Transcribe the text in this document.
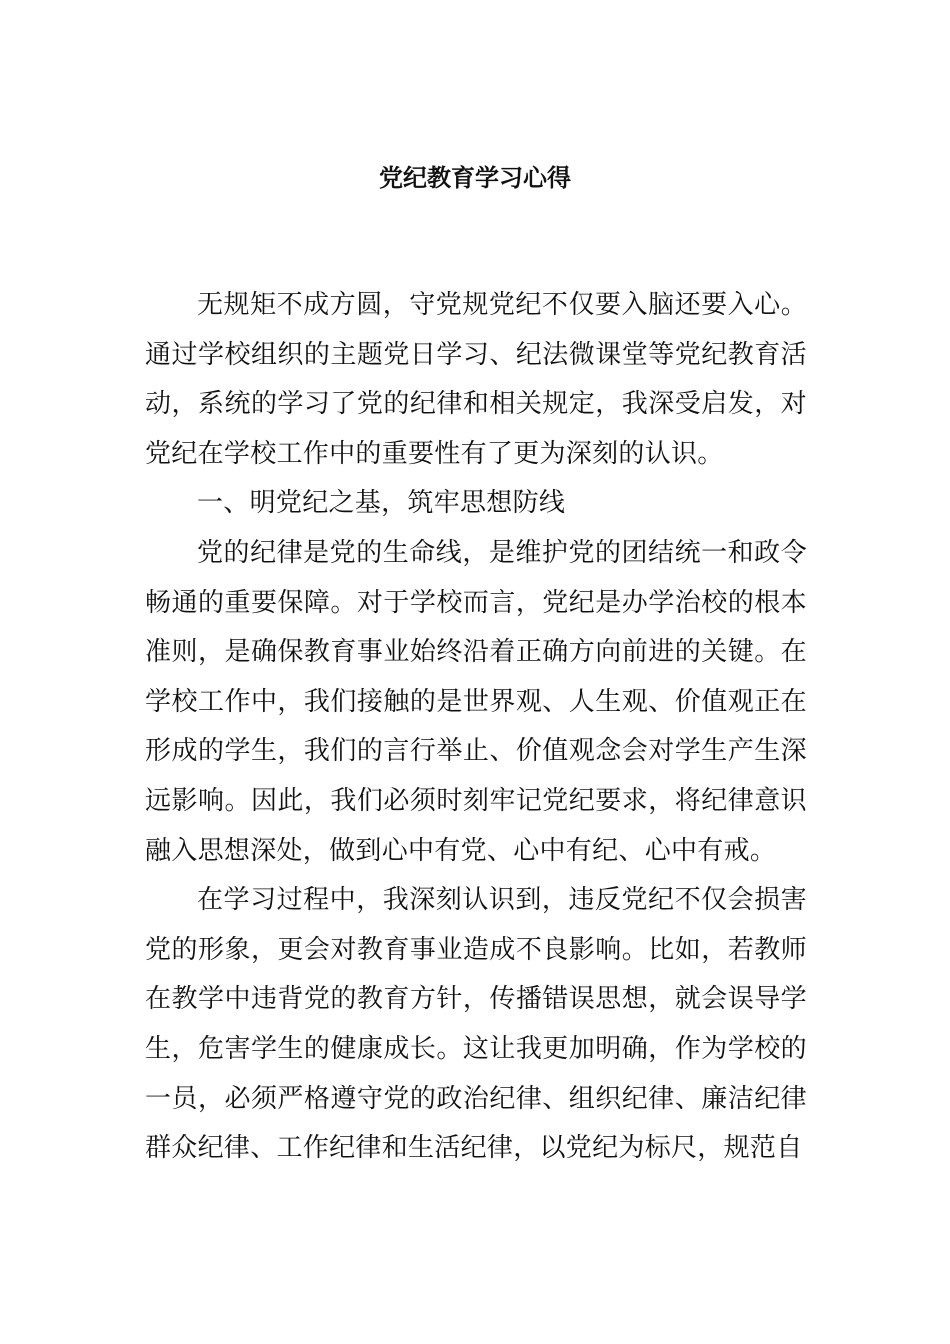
党纪教育学习心得

无规矩不成方圆，守党规党纪不仅要入脑还要入心。通过学校组织的主题党日学习、纪法微课堂等党纪教育活动，系统的学习了党的纪律和相关规定，我深受启发，对党纪在学校工作中的重要性有了更为深刻的认识。

一、明党纪之基，筑牢思想防线

党的纪律是党的生命线，是维护党的团结统一和政令畅通的重要保障。对于学校而言，党纪是办学治校的根本准则，是确保教育事业始终沿着正确方向前进的关键。在学校工作中，我们接触的是世界观、人生观、价值观正在形成的学生，我们的言行举止、价值观念会对学生产生深远影响。因此，我们必须时刻牢记党纪要求，将纪律意识融入思想深处，做到心中有党、心中有纪、心中有戒。

在学习过程中，我深刻认识到，违反党纪不仅会损害党的形象，更会对教育事业造成不良影响。比如，若教师在教学中违背党的教育方针，传播错误思想，就会误导学生，危害学生的健康成长。这让我更加明确，作为学校的一员，必须严格遵守党的政治纪律、组织纪律、廉洁纪律群众纪律、工作纪律和生活纪律，以党纪为标尺，规范自
